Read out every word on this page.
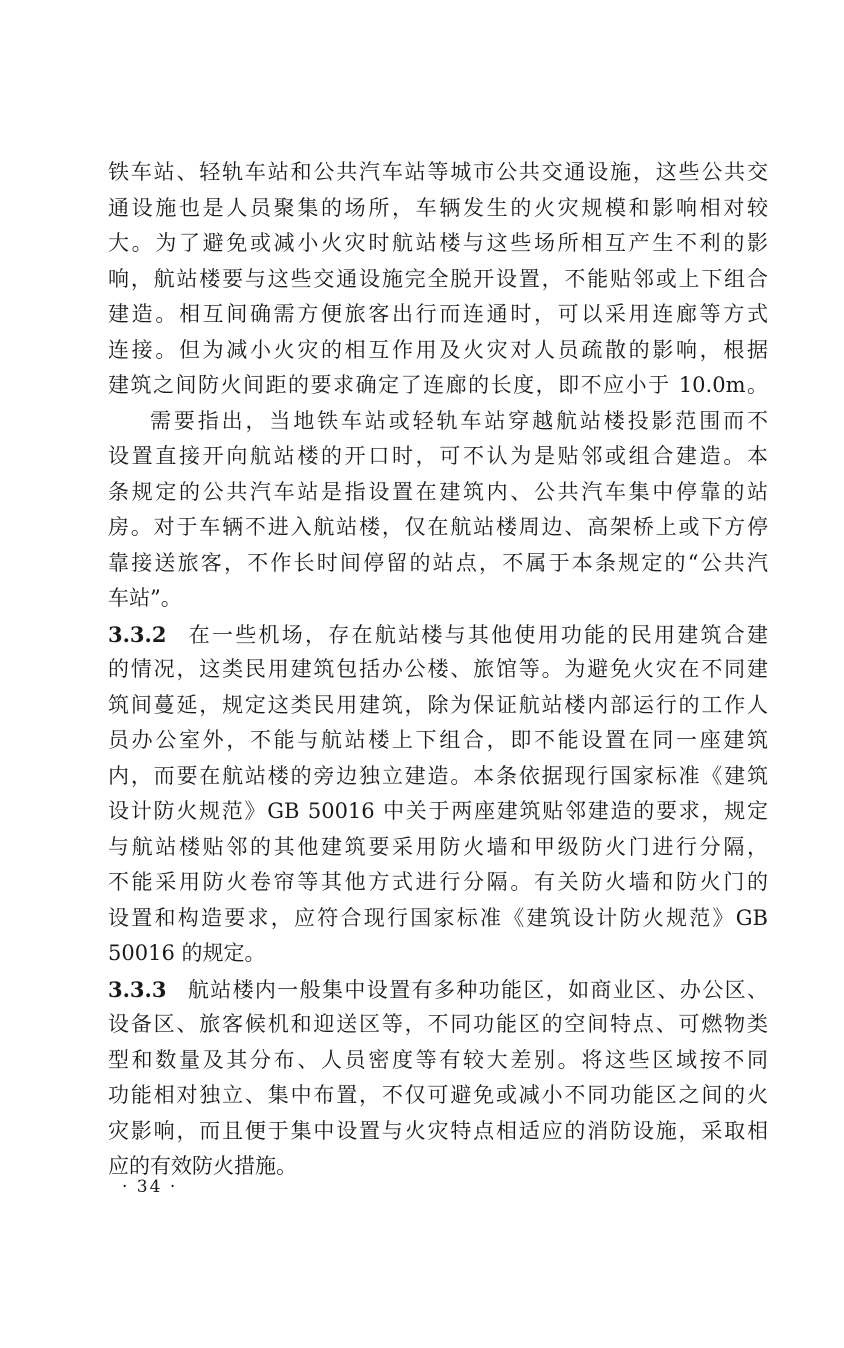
铁车站、轻轨车站和公共汽车站等城市公共交通设施，这些公共交
通设施也是人员聚集的场所，车辆发生的火灾规模和影响相对较
大。为了避免或减小火灾时航站楼与这些场所相互产生不利的影
响，航站楼要与这些交通设施完全脱开设置，不能贴邻或上下组合
建造。相互间确需方便旅客出行而连通时，可以采用连廊等方式
连接。但为减小火灾的相互作用及火灾对人员疏散的影响，根据
建筑之间防火间距的要求确定了连廊的长度，即不应小于 10.0m。
需要指出，当地铁车站或轻轨车站穿越航站楼投影范围而不
设置直接开向航站楼的开口时，可不认为是贴邻或组合建造。本
条规定的公共汽车站是指设置在建筑内、公共汽车集中停靠的站
房。对于车辆不进入航站楼，仅在航站楼周边、高架桥上或下方停
靠接送旅客，不作长时间停留的站点，不属于本条规定的“公共汽
车站”。
3.3.2 在一些机场，存在航站楼与其他使用功能的民用建筑合建
的情况，这类民用建筑包括办公楼、旅馆等。为避免火灾在不同建
筑间蔓延，规定这类民用建筑，除为保证航站楼内部运行的工作人
员办公室外，不能与航站楼上下组合，即不能设置在同一座建筑
内，而要在航站楼的旁边独立建造。本条依据现行国家标准《建筑
设计防火规范》GB 50016 中关于两座建筑贴邻建造的要求，规定
与航站楼贴邻的其他建筑要采用防火墙和甲级防火门进行分隔，
不能采用防火卷帘等其他方式进行分隔。有关防火墙和防火门的
设置和构造要求，应符合现行国家标准《建筑设计防火规范》GB
50016 的规定。
3.3.3 航站楼内一般集中设置有多种功能区，如商业区、办公区、
设备区、旅客候机和迎送区等，不同功能区的空间特点、可燃物类
型和数量及其分布、人员密度等有较大差别。将这些区域按不同
功能相对独立、集中布置，不仅可避免或减小不同功能区之间的火
灾影响，而且便于集中设置与火灾特点相适应的消防设施，采取相
应的有效防火措施。
· 34 ·
